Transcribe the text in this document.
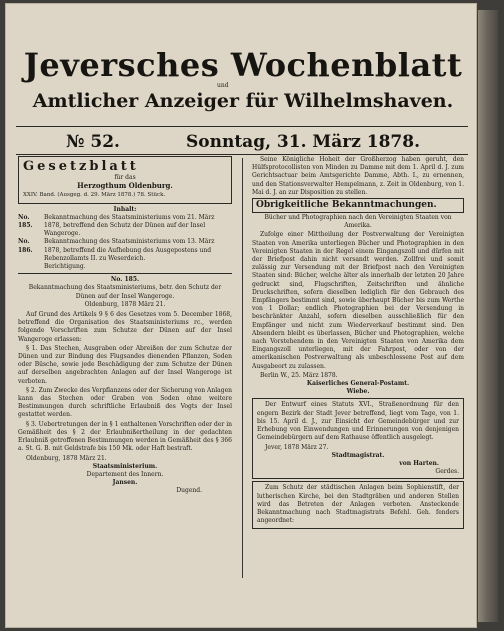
Jeversches Wochenblatt
und
Amtlicher Anzeiger für Wilhelmshaven.
№ 52.	Sonntag, 31. März 1878.
Gesetzblatt
für das
Herzogthum Oldenburg.
XXIV. Band. (Ausgeg. d. 29. März 1878.) 78. Stück.
Inhalt:
No. 185.
Bekanntmachung des Staatsministeriums vom 21. März 1878, betreffend den Schutz der Dünen auf der Insel Wangeroge.
No. 186.
Bekanntmachung des Staatsministeriums vom 13. März 1878, betreffend die Aufhebung des Ausgepostens und Rebenzollamts II. zu Weserdeich.
Berichtigung.
No. 185.
Bekanntmachung des Staatsministeriums, betr. den Schutz der Dünen auf der Insel Wangeroge.
Oldenburg, 1878 März 21.

Auf Grund des Artikels 9 § 6 des Gesetzes vom 5. December 1868, betreffend die Organisation des Staatsministeriums rc., werden folgende Vorschriften zum Schutze der Dünen auf der Insel Wangeroge erlassen:

§ 1. Das Stechen, Ausgraben oder Abreißen der zum Schutze der Dünen und zur Bindung des Flugsandes dienenden Pflanzen, Soden oder Büsche, sowie jede Beschädigung der zum Schutze der Dünen auf derselben angebrachten Anlagen auf der Insel Wangeroge ist verboten.

§ 2. Zum Zwecke des Verpflanzens oder der Sicherung von Anlagen kann das Stechen oder Graben von Soden ohne weitere Bestimmungen durch schriftliche Erlaubniß des Vogts der Insel gestattet werden.

§ 3. Uebertretungen der in § 1 enthaltenen Vorschriften oder der in Gemäßheit des § 2 der Erlaubnißertheilung in der gedachten Erlaubniß getroffenen Bestimmungen werden in Gemäßheit des § 366 a. St. G. B. mit Geldstrafe bis 150 Mk. oder Haft bestraft.

Oldenburg, 1878 März 21.
Staatsministerium.
Departement des Innern.
Jansen.
Dugend.

Seine Königliche Hoheit der Großherzog haben geruht, den Hülfsprotocollisten von Minden zu Damme mit dem 1. April d. J. zum Gerichtsactuar beim Amtsgerichte Damme, Abth. I., zu ernennen, und den Stationsverwalter Hempelmann, z. Zeit in Oldenburg, von 1. Mai d. J. an zur Disposition zu stellen.

Obrigkeitliche Bekanntmachungen.
Bücher und Photographien nach den Vereinigten Staaten von Amerika.

Zufolge einer Mittheilung der Postverwaltung der Vereinigten Staaten von Amerika unterliegen Bücher und Photographien in den Vereinigten Staaten in der Regel einem Eingangszoll und dürfen mit der Briefpost dahin nicht versandt werden. Zollfrei und somit zulässig zur Versendung mit der Briefpost nach den Vereinigten Staaten sind: Bücher, welche älter als innerhalb der letzten 20 Jahre gedruckt sind, Flugschriften, Zeitschriften und ähnliche Druckschriften, sofern dieselben lediglich für den Gebrauch des Empfängers bestimmt sind, sowie überhaupt Bücher bis zum Werthe von 1 Dollar; endlich Photographien bei der Versendung in beschränkter Anzahl, sofern dieselben ausschließlich für den Empfänger und nicht zum Wiederverkauf bestimmt sind. Den Absendern bleibt es überlassen, Bücher und Photographien, welche nach Vorstehendem in den Vereinigten Staaten von Amerika dem Eingangszoll unterliegen, mit der Fahrpost, oder von der amerikanischen Postverwaltung als unbeschlossene Post auf dem Ausgabeort zu zulassen.

Berlin W., 25. März 1878.
Kaiserliches General-Postamt.
Wiebe.

Der Entwurf eines Statuts XVI., Straßenordnung für den engern Bezirk der Stadt Jever betreffend, liegt vom Tage, von 1. bis 15. April d. J., zur Einsicht der Gemeindebürger und zur Erhebung von Einwendungen und Erinnerungen von denjenigen Gemeindebürgern auf dem Rathause öffentlich ausgelegt.

Jever, 1878 März 27.
Stadtmagistrat.
von Harten.
Gerdes.

Zum Schutz der städtischen Anlagen beim Sophienstift, der lutherischen Kirche, bei den Stadtgräben und anderen Stellen wird das Betreten der Anlagen verboten. Ansteckende Bekanntmachung nach Stadtmagistrats Befehl. Geh. fenders angeordnet:
